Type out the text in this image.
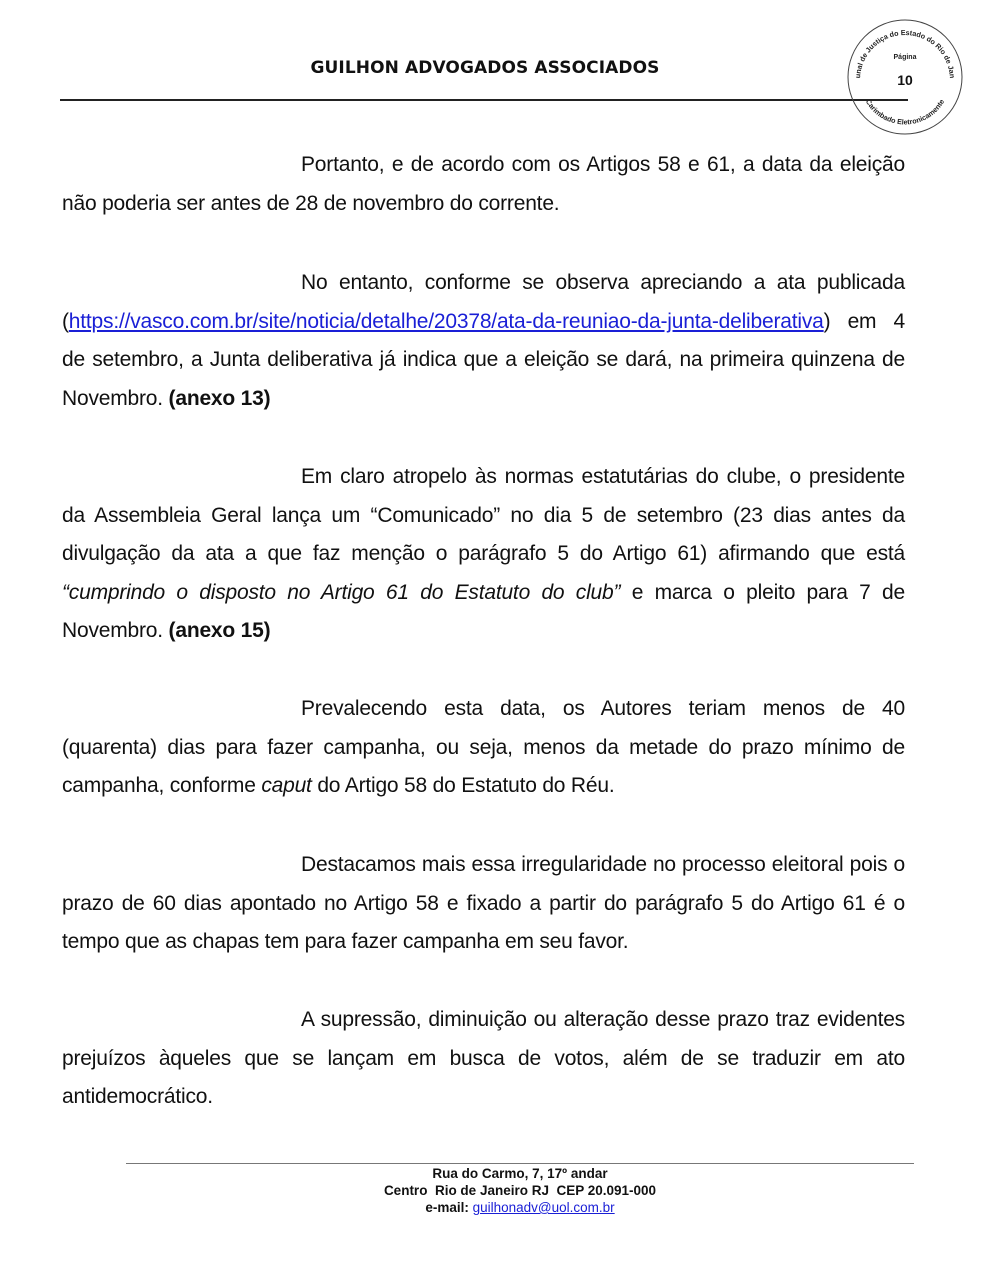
GUILHON ADVOGADOS ASSOCIADOS	unal de Justiça do Estado do Rio de Jan
Carimbado Eletronicamente
Página
10

Portanto, e de acordo com os Artigos 58 e 61, a data da eleição não poderia ser antes de 28 de novembro do corrente.

No entanto, conforme se observa apreciando a ata publicada (https://vasco.com.br/site/noticia/detalhe/20378/ata-da-reuniao-da-junta-deliberativa) em 4 de setembro, a Junta deliberativa já indica que a eleição se dará, na primeira quinzena de Novembro. (anexo 13)

Em claro atropelo às normas estatutárias do clube, o presidente da Assembleia Geral lança um “Comunicado” no dia 5 de setembro (23 dias antes da divulgação da ata a que faz menção o parágrafo 5 do Artigo 61) afirmando que está “cumprindo o disposto no Artigo 61 do Estatuto do club” e marca o pleito para 7 de Novembro. (anexo 15)

Prevalecendo esta data, os Autores teriam menos de 40 (quarenta) dias para fazer campanha, ou seja, menos da metade do prazo mínimo de campanha, conforme caput do Artigo 58 do Estatuto do Réu.

Destacamos mais essa irregularidade no processo eleitoral pois o prazo de 60 dias apontado no Artigo 58 e fixado a partir do parágrafo 5 do Artigo 61 é o tempo que as chapas tem para fazer campanha em seu favor.

A supressão, diminuição ou alteração desse prazo traz evidentes prejuízos àqueles que se lançam em busca de votos, além de se traduzir em ato antidemocrático.

Rua do Carmo, 7, 17º andar
Centro  Rio de Janeiro RJ  CEP 20.091-000
e-mail: guilhonadv@uol.com.br
